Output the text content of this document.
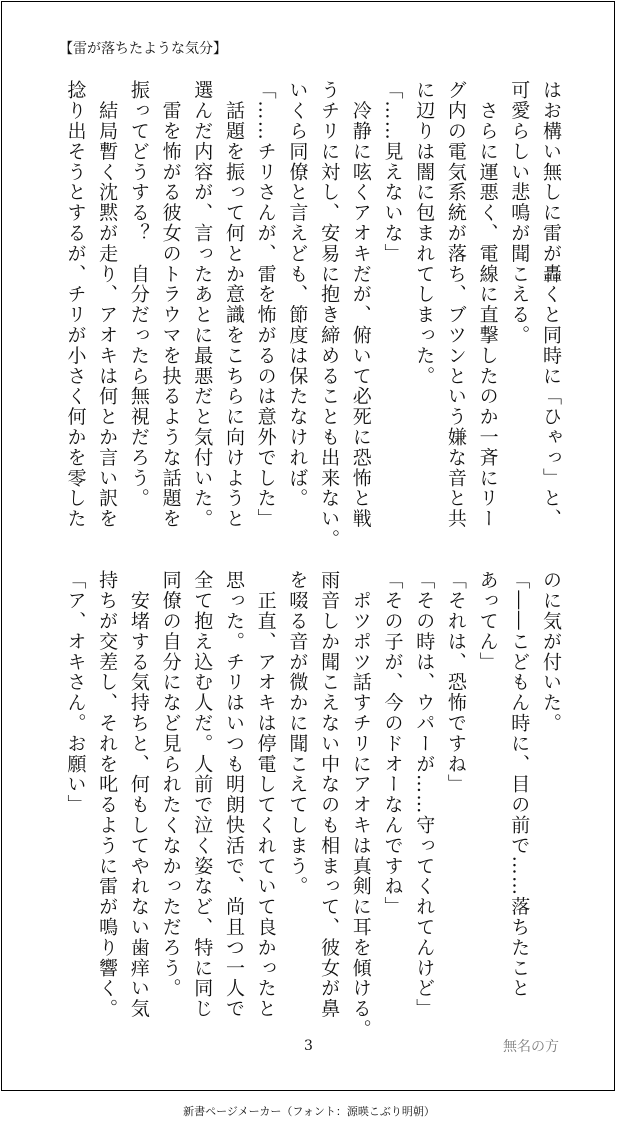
【雷が落ちたような気分】
はお構い無しに雷が轟くと同時に「ひゃっ」と、
可愛らしい悲鳴が聞こえる。
　さらに運悪く、電線に直撃したのか一斉にリー
グ内の電気系統が落ち、ブツンという嫌な音と共
に辺りは闇に包まれてしまった。
「……見えないな」
　冷静に呟くアオキだが、俯いて必死に恐怖と戦
うチリに対し、安易に抱き締めることも出来ない。
いくら同僚と言えども、節度は保たなければ。
「……チリさんが、雷を怖がるのは意外でした」
　話題を振って何とか意識をこちらに向けようと
選んだ内容が、言ったあとに最悪だと気付いた。
　雷を怖がる彼女のトラウマを抉るような話題を
振ってどうする？　自分だったら無視だろう。
　結局暫く沈黙が走り、アオキは何とか言い訳を
捻り出そうとするが、チリが小さく何かを零した
のに気が付いた。
「――こどもん時に、目の前で……落ちたこと
あってん」
「それは、恐怖ですね」
「その時は、ウパーが……守ってくれてんけど」
「その子が、今のドオーなんですね」
　ポツポツ話すチリにアオキは真剣に耳を傾ける。
雨音しか聞こえない中なのも相まって、彼女が鼻
を啜る音が微かに聞こえてしまう。
　正直、アオキは停電してくれていて良かったと
思った。チリはいつも明朗快活で、尚且つ一人で
全て抱え込む人だ。人前で泣く姿など、特に同じ
同僚の自分になど見られたくなかっただろう。
　安堵する気持ちと、何もしてやれない歯痒い気
持ちが交差し、それを叱るように雷が鳴り響く。
「ア、オキさん。お願い」
3	無名の方
新書ページメーカー（フォント：源暎こぶり明朝）
